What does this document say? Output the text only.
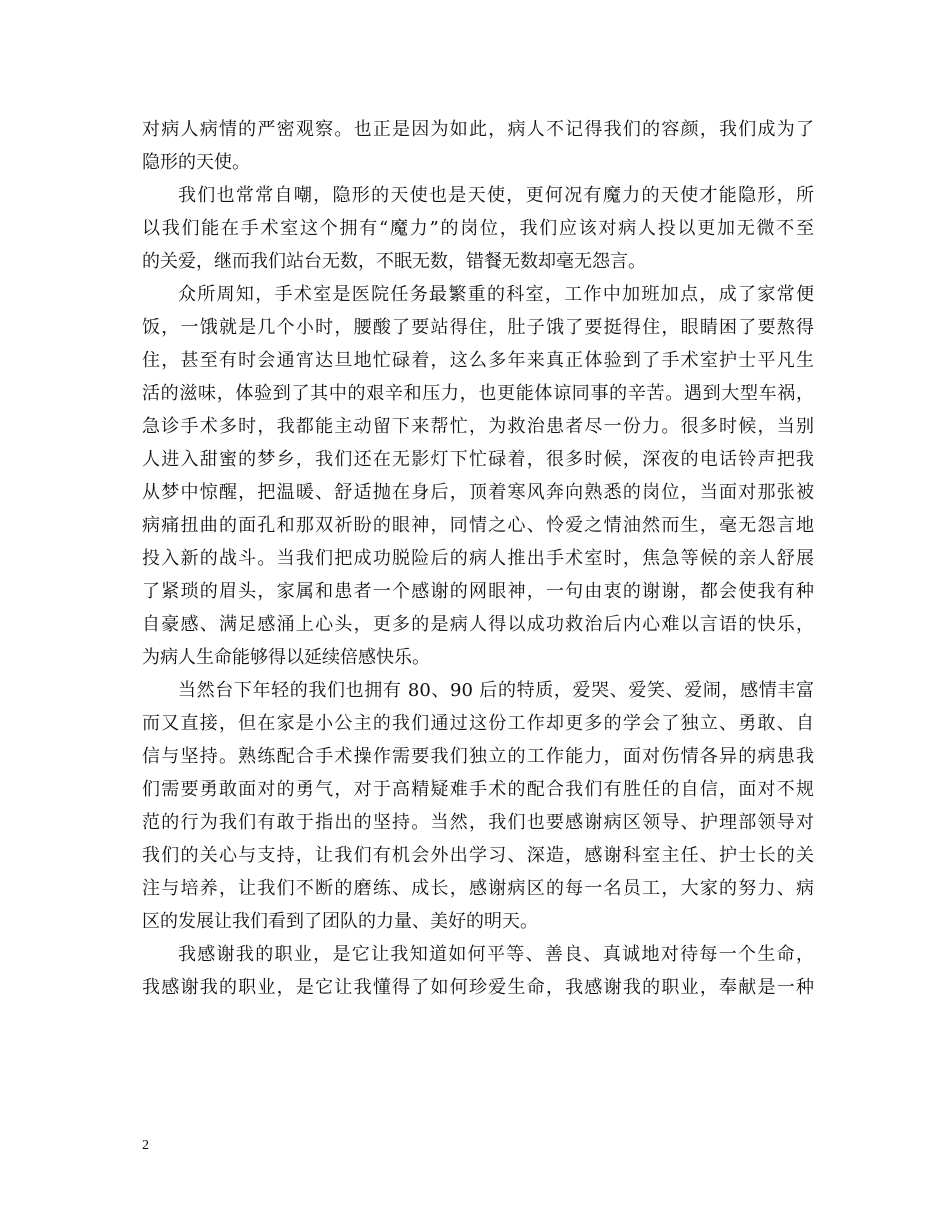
对病人病情的严密观察。也正是因为如此，病人不记得我们的容颜，我们成为了
隐形的天使。
我们也常常自嘲，隐形的天使也是天使，更何况有魔力的天使才能隐形，所
以我们能在手术室这个拥有“魔力”的岗位，我们应该对病人投以更加无微不至
的关爱，继而我们站台无数，不眠无数，错餐无数却毫无怨言。
众所周知，手术室是医院任务最繁重的科室，工作中加班加点，成了家常便
饭，一饿就是几个小时，腰酸了要站得住，肚子饿了要挺得住，眼睛困了要熬得
住，甚至有时会通宵达旦地忙碌着，这么多年来真正体验到了手术室护士平凡生
活的滋味，体验到了其中的艰辛和压力，也更能体谅同事的辛苦。遇到大型车祸，
急诊手术多时，我都能主动留下来帮忙，为救治患者尽一份力。很多时候，当别
人进入甜蜜的梦乡，我们还在无影灯下忙碌着，很多时候，深夜的电话铃声把我
从梦中惊醒，把温暖、舒适抛在身后，顶着寒风奔向熟悉的岗位，当面对那张被
病痛扭曲的面孔和那双祈盼的眼神，同情之心、怜爱之情油然而生，毫无怨言地
投入新的战斗。当我们把成功脱险后的病人推出手术室时，焦急等候的亲人舒展
了紧琐的眉头，家属和患者一个感谢的网眼神，一句由衷的谢谢，都会使我有种
自豪感、满足感涌上心头，更多的是病人得以成功救治后内心难以言语的快乐，
为病人生命能够得以延续倍感快乐。
当然台下年轻的我们也拥有 80、90 后的特质，爱哭、爱笑、爱闹，感情丰富
而又直接，但在家是小公主的我们通过这份工作却更多的学会了独立、勇敢、自
信与坚持。熟练配合手术操作需要我们独立的工作能力，面对伤情各异的病患我
们需要勇敢面对的勇气，对于高精疑难手术的配合我们有胜任的自信，面对不规
范的行为我们有敢于指出的坚持。当然，我们也要感谢病区领导、护理部领导对
我们的关心与支持，让我们有机会外出学习、深造，感谢科室主任、护士长的关
注与培养，让我们不断的磨练、成长，感谢病区的每一名员工，大家的努力、病
区的发展让我们看到了团队的力量、美好的明天。
我感谢我的职业，是它让我知道如何平等、善良、真诚地对待每一个生命，
我感谢我的职业，是它让我懂得了如何珍爱生命，我感谢我的职业，奉献是一种
2
